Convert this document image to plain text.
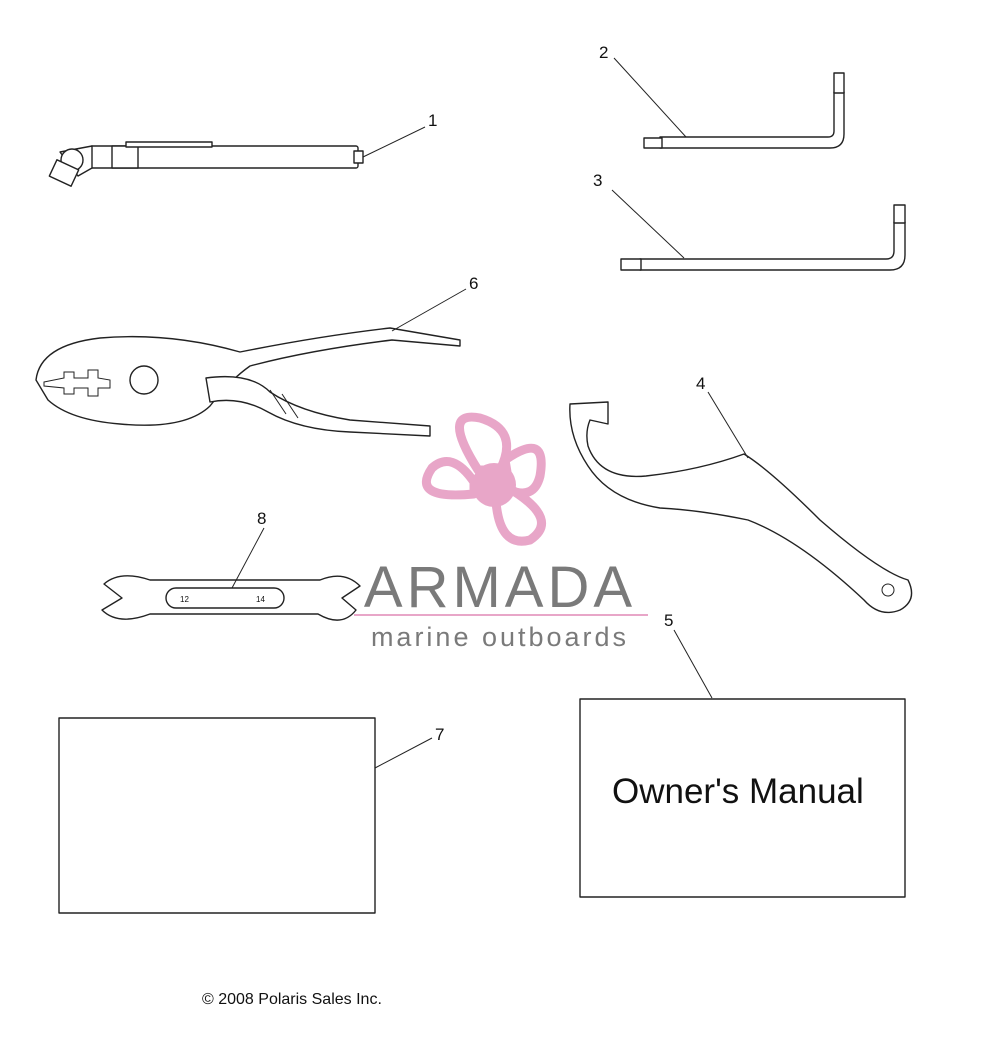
1
2
3
6
4
12	14
8
7
Owner's Manual
5
ARMADA
marine outboards
© 2008 Polaris Sales Inc.
